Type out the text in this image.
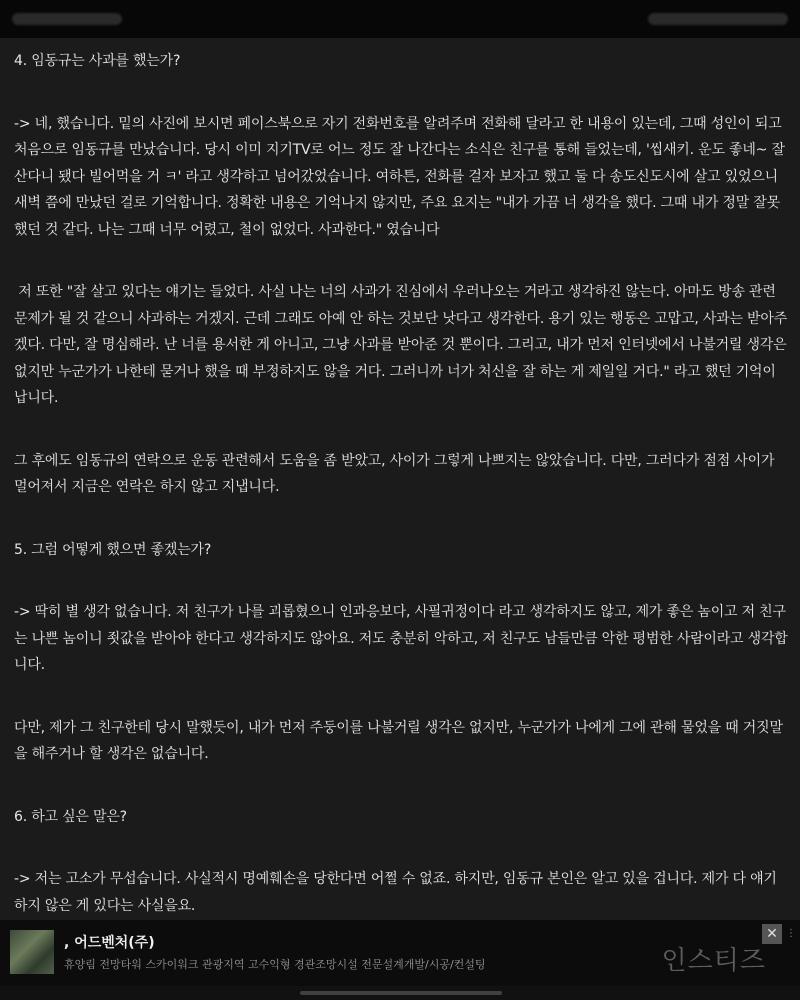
4. 임동규는 사과를 했는가?

-> 네, 했습니다. 밑의 사진에 보시면 페이스북으로 자기 전화번호를 알려주며 전화해 달라고 한 내용이 있는데, 그때 성인이 되고 처음으로 임동규를 만났습니다. 당시 이미 지기TV로 어느 정도 잘 나간다는 소식은 친구를 통해 들었는데, '씹새키. 운도 좋네~ 잘 산다니 됐다 빌어먹을 거 ㅋ' 라고 생각하고 넘어갔었습니다. 여하튼, 전화를 걸자 보자고 했고 둘 다 송도신도시에 살고 있었으니 새벽 쯤에 만났던 걸로 기억합니다. 정확한 내용은 기억나지 않지만, 주요 요지는 "내가 가끔 너 생각을 했다. 그때 내가 정말 잘못했던 것 같다. 나는 그때 너무 어렸고, 철이 없었다. 사과한다." 였습니다

저 또한 "잘 살고 있다는 얘기는 들었다. 사실 나는 너의 사과가 진심에서 우러나오는 거라고 생각하진 않는다. 아마도 방송 관련 문제가 될 것 같으니 사과하는 거겠지. 근데 그래도 아예 안 하는 것보단 낫다고 생각한다. 용기 있는 행동은 고맙고, 사과는 받아주겠다. 다만, 잘 명심해라. 난 너를 용서한 게 아니고, 그냥 사과를 받아준 것 뿐이다. 그리고, 내가 먼저 인터넷에서 나불거릴 생각은 없지만 누군가가 나한테 묻거나 했을 때 부정하지도 않을 거다. 그러니까 너가 처신을 잘 하는 게 제일일 거다." 라고 했던 기억이 납니다.

그 후에도 임동규의 연락으로 운동 관련해서 도움을 좀 받았고, 사이가 그렇게 나쁘지는 않았습니다. 다만, 그러다가 점점 사이가 멀어져서 지금은 연락은 하지 않고 지냅니다.

5. 그럼 어떻게 했으면 좋겠는가?

-> 딱히 별 생각 없습니다. 저 친구가 나를 괴롭혔으니 인과응보다, 사필귀정이다 라고 생각하지도 않고, 제가 좋은 놈이고 저 친구는 나쁜 놈이니 죗값을 받아야 한다고 생각하지도 않아요. 저도 충분히 악하고, 저 친구도 남들만큼 악한 평범한 사람이라고 생각합니다.

다만, 제가 그 친구한테 당시 말했듯이, 내가 먼저 주둥이를 나불거릴 생각은 없지만, 누군가가 나에게 그에 관해 물었을 때 거짓말을 해주거나 할 생각은 없습니다.

6. 하고 싶은 말은?

-> 저는 고소가 무섭습니다. 사실적시 명예훼손을 당한다면 어쩔 수 없죠. 하지만, 임동규 본인은 알고 있을 겁니다. 제가 다 얘기하지 않은 게 있다는 사실을요.

, 어드벤처(주)
휴양림 전망타워 스카이워크 관광지역 고수익형 경관조망시설 전문설계개발/시공/컨설팅
✕ ⋮
인스티즈
